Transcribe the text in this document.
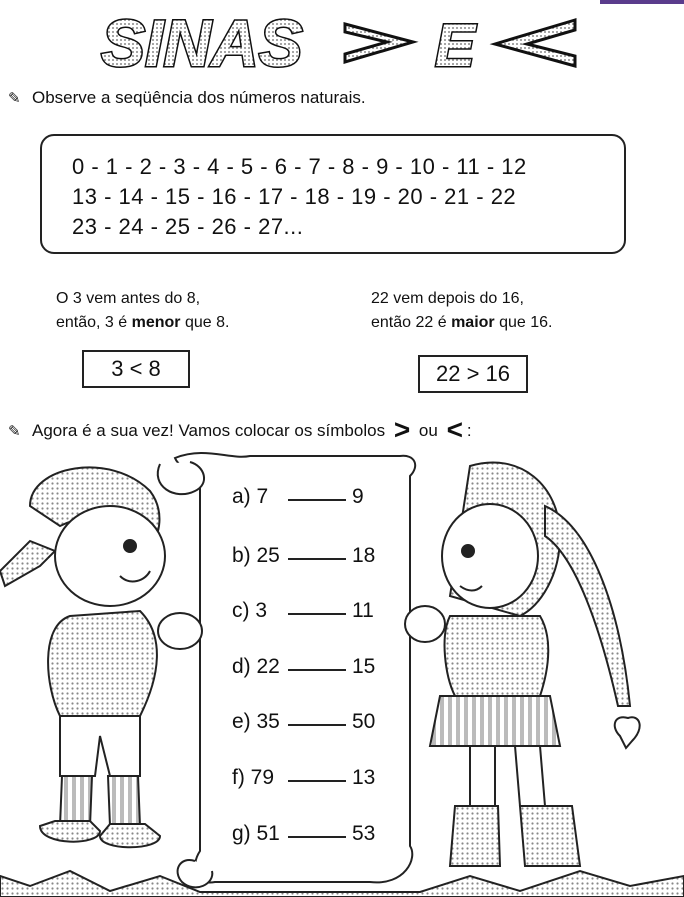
SINAS E
✎ Observe a seqüência dos números naturais.
0 - 1 - 2 - 3 - 4 - 5 - 6 - 7 - 8 - 9 - 10 - 11 - 12
13 - 14 - 15 - 16 - 17 - 18 - 19 - 20 - 21 - 22
23 - 24 - 25 - 26 - 27...
O 3 vem antes do 8,
então, 3 é menor que 8.
22 vem depois do 16,
então 22 é maior que 16.
3 < 8	22 > 16
✎ Agora é a sua vez! Vamos colocar os símbolos > ou < :
a) 7	9
b) 25	18
c) 3	11
d) 22	15
e) 35	50
f) 79	13
g) 51	53
